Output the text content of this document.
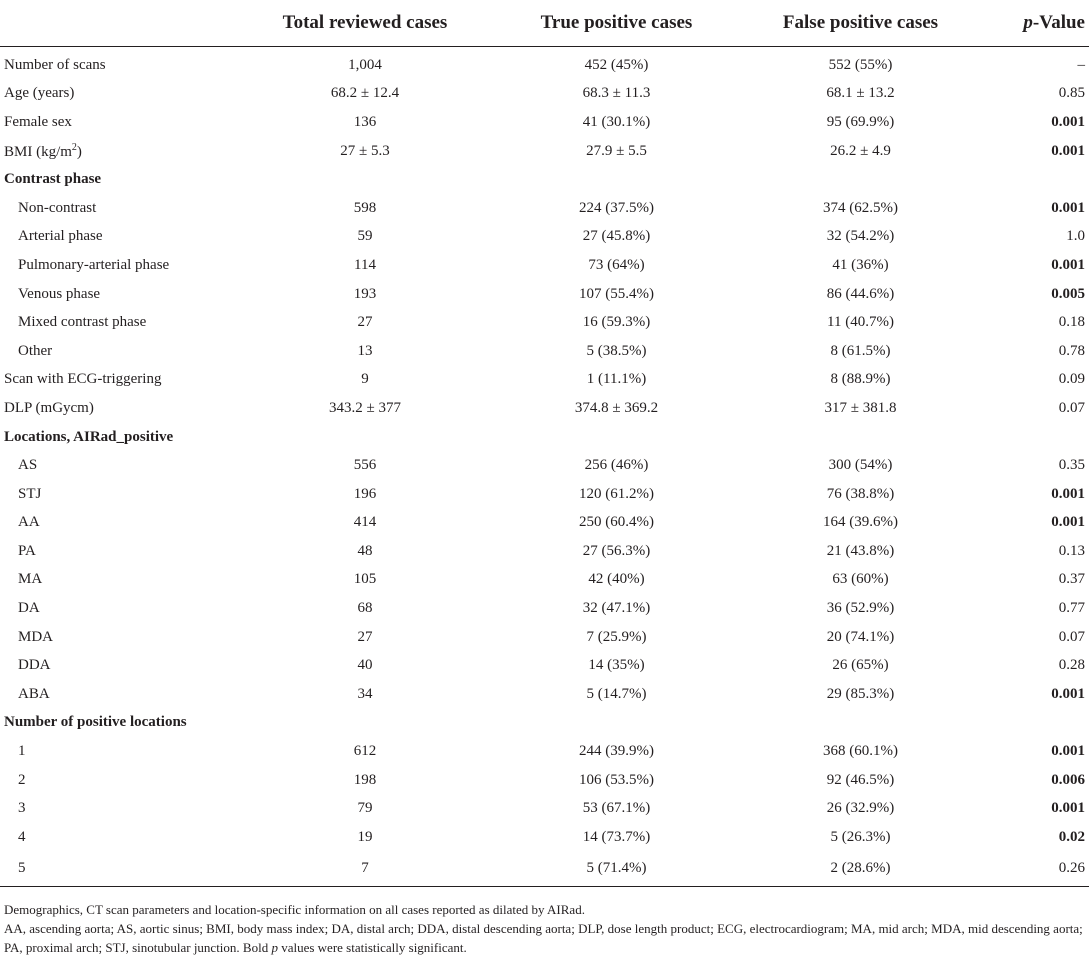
	Total reviewed cases	True positive cases	False positive cases	p-Value
Number of scans	1,004	452 (45%)	552 (55%)	–
Age (years)	68.2 ± 12.4	68.3 ± 11.3	68.1 ± 13.2	0.85
Female sex	136	41 (30.1%)	95 (69.9%)	0.001
BMI $(kg/m^2)$	27 ± 5.3	27.9 ± 5.5	26.2 ± 4.9	0.001
Contrast phase				
Non-contrast	598	224 (37.5%)	374 (62.5%)	0.001
Arterial phase	59	27 (45.8%)	32 (54.2%)	1.0
Pulmonary-arterial phase	114	73 (64%)	41 (36%)	0.001
Venous phase	193	107 (55.4%)	86 (44.6%)	0.005
Mixed contrast phase	27	16 (59.3%)	11 (40.7%)	0.18
Other	13	5 (38.5%)	8 (61.5%)	0.78
Scan with ECG-triggering	9	1 (11.1%)	8 (88.9%)	0.09
DLP (mGycm)	343.2 ± 377	374.8 ± 369.2	317 ± 381.8	0.07
Locations, AIRad_positive				
AS	556	256 (46%)	300 (54%)	0.35
STJ	196	120 (61.2%)	76 (38.8%)	0.001
AA	414	250 (60.4%)	164 (39.6%)	0.001
PA	48	27 (56.3%)	21 (43.8%)	0.13
MA	105	42 (40%)	63 (60%)	0.37
DA	68	32 (47.1%)	36 (52.9%)	0.77
MDA	27	7 (25.9%)	20 (74.1%)	0.07
DDA	40	14 (35%)	26 (65%)	0.28
ABA	34	5 (14.7%)	29 (85.3%)	0.001
Number of positive locations				
1	612	244 (39.9%)	368 (60.1%)	0.001
2	198	106 (53.5%)	92 (46.5%)	0.006
3	79	53 (67.1%)	26 (32.9%)	0.001
4	19	14 (73.7%)	5 (26.3%)	0.02
5	7	5 (71.4%)	2 (28.6%)	0.26

Demographics, CT scan parameters and location-specific information on all cases reported as dilated by AIRad.

AA, ascending aorta; AS, aortic sinus; BMI, body mass index; DA, distal arch; DDA, distal descending aorta; DLP, dose length product; ECG, electrocardiogram; MA, mid arch; MDA, mid descending aorta; PA, proximal arch; STJ, sinotubular junction. Bold p values were statistically significant.
